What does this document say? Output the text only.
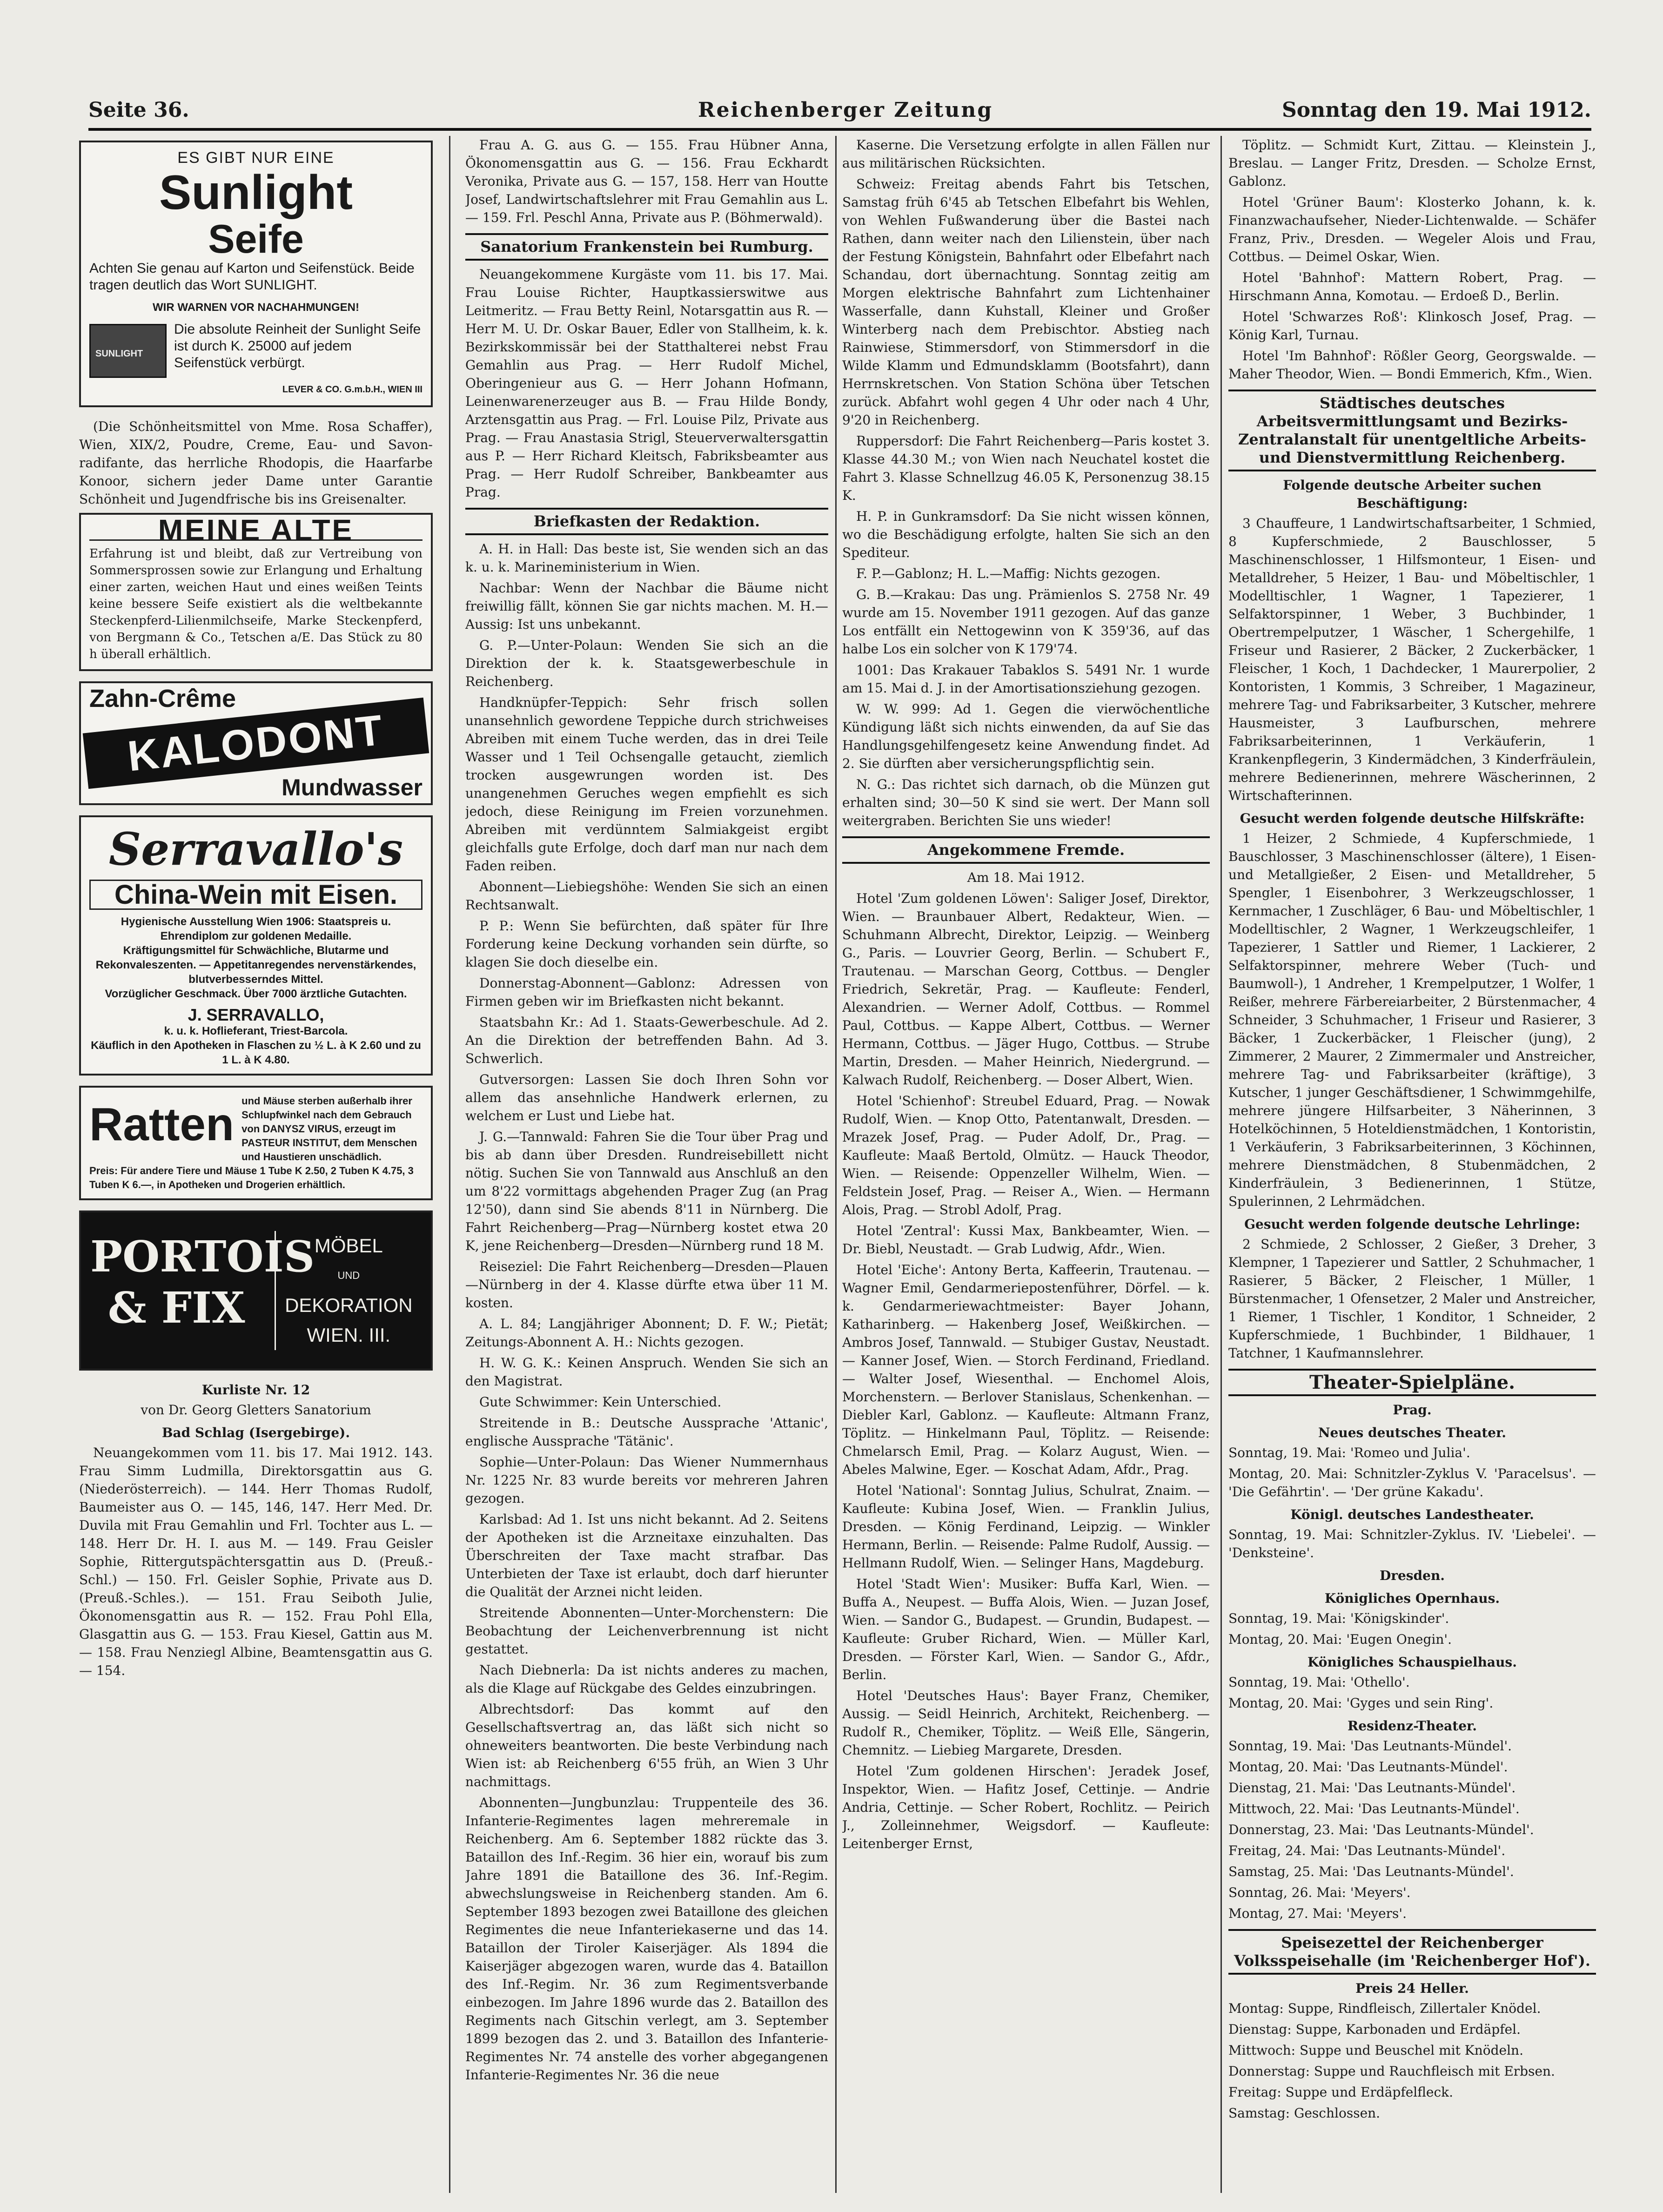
Seite 36.	Reichenberger Zeitung	Sonntag den 19. Mai 1912.
ES GIBT NUR EINE
Sunlight
Seife
Achten Sie genau auf Karton und Seifenstück. Beide tragen deutlich das Wort SUNLIGHT.
WIR WARNEN VOR NACHAHMUNGEN!
SUNLIGHT
Die absolute Reinheit der Sunlight Seife ist durch K. 25000 auf jedem Seifenstück verbürgt.
LEVER & CO. G.m.b.H., WIEN III

(Die Schönheitsmittel von Mme. Rosa Schaffer), Wien, XIX/2, Poudre, Creme, Eau- und Savon-radifante, das herrliche Rhodopis, die Haarfarbe Konoor, sichern jeder Dame unter Garantie Schönheit und Jugendfrische bis ins Greisenalter.

MEINE ALTE
Erfahrung ist und bleibt, daß zur Vertreibung von Sommersprossen sowie zur Erlangung und Erhaltung einer zarten, weichen Haut und eines weißen Teints keine bessere Seife existiert als die weltbekannte Steckenpferd-Lilienmilchseife, Marke Steckenpferd, von Bergmann & Co., Tetschen a/E. Das Stück zu 80 h überall erhältlich.
Zahn-Crême
KALODONT
Mundwasser
Serravallo's
China-Wein mit Eisen.
Hygienische Ausstellung Wien 1906: Staatspreis u. Ehrendiplom zur goldenen Medaille.
Kräftigungsmittel für Schwächliche, Blutarme und Rekonvaleszenten. — Appetitanregendes nervenstärkendes, blutverbesserndes Mittel.
Vorzüglicher Geschmack. Über 7000 ärztliche Gutachten.
J. SERRAVALLO,
k. u. k. Hoflieferant, Triest-Barcola.
Käuflich in den Apotheken in Flaschen zu ½ L. à K 2.60 und zu 1 L. à K 4.80.
Ratten und Mäuse sterben außerhalb ihrer Schlupfwinkel nach dem Gebrauch von DANYSZ VIRUS, erzeugt im PASTEUR INSTITUT, dem Menschen und Haustieren unschädlich.
Preis: Für andere Tiere und Mäuse 1 Tube K 2.50, 2 Tuben K 4.75, 3 Tuben K 6.—, in Apotheken und Drogerien erhältlich.
PORTOIS & FIX
MÖBEL
UND
DEKORATION
WIEN. III.
Kurliste Nr. 12

von Dr. Georg Gletters Sanatorium

Bad Schlag (Isergebirge).

Neuangekommen vom 11. bis 17. Mai 1912. 143. Frau Simm Ludmilla, Direktorsgattin aus G. (Niederösterreich). — 144. Herr Thomas Rudolf, Baumeister aus O. — 145, 146, 147. Herr Med. Dr. Duvila mit Frau Gemahlin und Frl. Tochter aus L. — 148. Herr Dr. H. I. aus M. — 149. Frau Geisler Sophie, Rittergutspächtersgattin aus D. (Preuß.-Schl.) — 150. Frl. Geisler Sophie, Private aus D. (Preuß.-Schles.). — 151. Frau Seiboth Julie, Ökonomensgattin aus R. — 152. Frau Pohl Ella, Glasgattin aus G. — 153. Frau Kiesel, Gattin aus M. — 158. Frau Nenziegl Albine, Beamtensgattin aus G. — 154.

Frau A. G. aus G. — 155. Frau Hübner Anna, Ökonomensgattin aus G. — 156. Frau Eckhardt Veronika, Private aus G. — 157, 158. Herr van Houtte Josef, Landwirtschaftslehrer mit Frau Gemahlin aus L. — 159. Frl. Peschl Anna, Private aus P. (Böhmerwald).

Sanatorium Frankenstein bei Rumburg.

Neuangekommene Kurgäste vom 11. bis 17. Mai. Frau Louise Richter, Hauptkassierswitwe aus Leitmeritz. — Frau Betty Reinl, Notarsgattin aus R. — Herr M. U. Dr. Oskar Bauer, Edler von Stallheim, k. k. Bezirkskommissär bei der Statthalterei nebst Frau Gemahlin aus Prag. — Herr Rudolf Michel, Oberingenieur aus G. — Herr Johann Hofmann, Leinenwarenerzeuger aus B. — Frau Hilde Bondy, Arztensgattin aus Prag. — Frl. Louise Pilz, Private aus Prag. — Frau Anastasia Strigl, Steuerverwaltersgattin aus P. — Herr Richard Kleitsch, Fabriksbeamter aus Prag. — Herr Rudolf Schreiber, Bankbeamter aus Prag.

Briefkasten der Redaktion.

A. H. in Hall: Das beste ist, Sie wenden sich an das k. u. k. Marineministerium in Wien.

Nachbar: Wenn der Nachbar die Bäume nicht freiwillig fällt, können Sie gar nichts machen. M. H.—Aussig: Ist uns unbekannt.

G. P.—Unter-Polaun: Wenden Sie sich an die Direktion der k. k. Staatsgewerbeschule in Reichenberg.

Handknüpfer-Teppich: Sehr frisch sollen unansehnlich gewordene Teppiche durch strichweises Abreiben mit einem Tuche werden, das in drei Teile Wasser und 1 Teil Ochsengalle getaucht, ziemlich trocken ausgewrungen worden ist. Des unangenehmen Geruches wegen empfiehlt es sich jedoch, diese Reinigung im Freien vorzunehmen. Abreiben mit verdünntem Salmiakgeist ergibt gleichfalls gute Erfolge, doch darf man nur nach dem Faden reiben.

Abonnent—Liebiegshöhe: Wenden Sie sich an einen Rechtsanwalt.

P. P.: Wenn Sie befürchten, daß später für Ihre Forderung keine Deckung vorhanden sein dürfte, so klagen Sie doch dieselbe ein.

Donnerstag-Abonnent—Gablonz: Adressen von Firmen geben wir im Briefkasten nicht bekannt.

Staatsbahn Kr.: Ad 1. Staats-Gewerbeschule. Ad 2. An die Direktion der betreffenden Bahn. Ad 3. Schwerlich.

Gutversorgen: Lassen Sie doch Ihren Sohn vor allem das ansehnliche Handwerk erlernen, zu welchem er Lust und Liebe hat.

J. G.—Tannwald: Fahren Sie die Tour über Prag und bis ab dann über Dresden. Rundreisebillett nicht nötig. Suchen Sie von Tannwald aus Anschluß an den um 8'22 vormittags abgehenden Prager Zug (an Prag 12'50), dann sind Sie abends 8'11 in Nürnberg. Die Fahrt Reichenberg—Prag—Nürnberg kostet etwa 20 K, jene Reichenberg—Dresden—Nürnberg rund 18 M.

Reiseziel: Die Fahrt Reichenberg—Dresden—Plauen—Nürnberg in der 4. Klasse dürfte etwa über 11 M. kosten.

A. L. 84; Langjähriger Abonnent; D. F. W.; Pietät; Zeitungs-Abonnent A. H.: Nichts gezogen.

H. W. G. K.: Keinen Anspruch. Wenden Sie sich an den Magistrat.

Gute Schwimmer: Kein Unterschied.

Streitende in B.: Deutsche Aussprache 'Attanic', englische Aussprache 'Tätänic'.

Sophie—Unter-Polaun: Das Wiener Nummernhaus Nr. 1225 Nr. 83 wurde bereits vor mehreren Jahren gezogen.

Karlsbad: Ad 1. Ist uns nicht bekannt. Ad 2. Seitens der Apotheken ist die Arzneitaxe einzuhalten. Das Überschreiten der Taxe macht strafbar. Das Unterbieten der Taxe ist erlaubt, doch darf hierunter die Qualität der Arznei nicht leiden.

Streitende Abonnenten—Unter-Morchenstern: Die Beobachtung der Leichenverbrennung ist nicht gestattet.

Nach Diebnerla: Da ist nichts anderes zu machen, als die Klage auf Rückgabe des Geldes einzubringen.

Albrechtsdorf: Das kommt auf den Gesellschaftsvertrag an, das läßt sich nicht so ohneweiters beantworten. Die beste Verbindung nach Wien ist: ab Reichenberg 6'55 früh, an Wien 3 Uhr nachmittags.

Abonnenten—Jungbunzlau: Truppenteile des 36. Infanterie-Regimentes lagen mehreremale in Reichenberg. Am 6. September 1882 rückte das 3. Bataillon des Inf.-Regim. 36 hier ein, worauf bis zum Jahre 1891 die Bataillone des 36. Inf.-Regim. abwechslungsweise in Reichenberg standen. Am 6. September 1893 bezogen zwei Bataillone des gleichen Regimentes die neue Infanteriekaserne und das 14. Bataillon der Tiroler Kaiserjäger. Als 1894 die Kaiserjäger abgezogen waren, wurde das 4. Bataillon des Inf.-Regim. Nr. 36 zum Regimentsverbande einbezogen. Im Jahre 1896 wurde das 2. Bataillon des Regiments nach Gitschin verlegt, am 3. September 1899 bezogen das 2. und 3. Bataillon des Infanterie-Regimentes Nr. 74 anstelle des vorher abgegangenen Infanterie-Regimentes Nr. 36 die neue

Kaserne. Die Versetzung erfolgte in allen Fällen nur aus militärischen Rücksichten.

Schweiz: Freitag abends Fahrt bis Tetschen, Samstag früh 6'45 ab Tetschen Elbefahrt bis Wehlen, von Wehlen Fußwanderung über die Bastei nach Rathen, dann weiter nach den Lilienstein, über nach der Festung Königstein, Bahnfahrt oder Elbefahrt nach Schandau, dort übernachtung. Sonntag zeitig am Morgen elektrische Bahnfahrt zum Lichtenhainer Wasserfalle, dann Kuhstall, Kleiner und Großer Winterberg nach dem Prebischtor. Abstieg nach Rainwiese, Stimmersdorf, von Stimmersdorf in die Wilde Klamm und Edmundsklamm (Bootsfahrt), dann Herrnskretschen. Von Station Schöna über Tetschen zurück. Abfahrt wohl gegen 4 Uhr oder nach 4 Uhr, 9'20 in Reichenberg.

Ruppersdorf: Die Fahrt Reichenberg—Paris kostet 3. Klasse 44.30 M.; von Wien nach Neuchatel kostet die Fahrt 3. Klasse Schnellzug 46.05 K, Personenzug 38.15 K.

H. P. in Gunkramsdorf: Da Sie nicht wissen können, wo die Beschädigung erfolgte, halten Sie sich an den Spediteur.

F. P.—Gablonz; H. L.—Maffig: Nichts gezogen.

G. B.—Krakau: Das ung. Prämienlos S. 2758 Nr. 49 wurde am 15. November 1911 gezogen. Auf das ganze Los entfällt ein Nettogewinn von K 359'36, auf das halbe Los ein solcher von K 179'74.

1001: Das Krakauer Tabaklos S. 5491 Nr. 1 wurde am 15. Mai d. J. in der Amortisationsziehung gezogen.

W. W. 999: Ad 1. Gegen die vierwöchentliche Kündigung läßt sich nichts einwenden, da auf Sie das Handlungsgehilfengesetz keine Anwendung findet. Ad 2. Sie dürften aber versicherungspflichtig sein.

N. G.: Das richtet sich darnach, ob die Münzen gut erhalten sind; 30—50 K sind sie wert. Der Mann soll weitergraben. Berichten Sie uns wieder!

Angekommene Fremde.

Am 18. Mai 1912.

Hotel 'Zum goldenen Löwen': Saliger Josef, Direktor, Wien. — Braunbauer Albert, Redakteur, Wien. — Schuhmann Albrecht, Direktor, Leipzig. — Weinberg G., Paris. — Louvrier Georg, Berlin. — Schubert F., Trautenau. — Marschan Georg, Cottbus. — Dengler Friedrich, Sekretär, Prag. — Kaufleute: Fenderl, Alexandrien. — Werner Adolf, Cottbus. — Rommel Paul, Cottbus. — Kappe Albert, Cottbus. — Werner Hermann, Cottbus. — Jäger Hugo, Cottbus. — Strube Martin, Dresden. — Maher Heinrich, Niedergrund. — Kalwach Rudolf, Reichenberg. — Doser Albert, Wien.

Hotel 'Schienhof': Streubel Eduard, Prag. — Nowak Rudolf, Wien. — Knop Otto, Patentanwalt, Dresden. — Mrazek Josef, Prag. — Puder Adolf, Dr., Prag. — Kaufleute: Maaß Bertold, Olmütz. — Hauck Theodor, Wien. — Reisende: Oppenzeller Wilhelm, Wien. — Feldstein Josef, Prag. — Reiser A., Wien. — Hermann Alois, Prag. — Strobl Adolf, Prag.

Hotel 'Zentral': Kussi Max, Bankbeamter, Wien. — Dr. Biebl, Neustadt. — Grab Ludwig, Afdr., Wien.

Hotel 'Eiche': Antony Berta, Kaffeerin, Trautenau. — Wagner Emil, Gendarmeriepostenführer, Dörfel. — k. k. Gendarmeriewachtmeister: Bayer Johann, Katharinberg. — Hakenberg Josef, Weißkirchen. — Ambros Josef, Tannwald. — Stubiger Gustav, Neustadt. — Kanner Josef, Wien. — Storch Ferdinand, Friedland. — Walter Josef, Wiesenthal. — Enchomel Alois, Morchenstern. — Berlover Stanislaus, Schenkenhan. — Diebler Karl, Gablonz. — Kaufleute: Altmann Franz, Töplitz. — Hinkelmann Paul, Töplitz. — Reisende: Chmelarsch Emil, Prag. — Kolarz August, Wien. — Abeles Malwine, Eger. — Koschat Adam, Afdr., Prag.

Hotel 'National': Sonntag Julius, Schulrat, Znaim. — Kaufleute: Kubina Josef, Wien. — Franklin Julius, Dresden. — König Ferdinand, Leipzig. — Winkler Hermann, Berlin. — Reisende: Palme Rudolf, Aussig. — Hellmann Rudolf, Wien. — Selinger Hans, Magdeburg.

Hotel 'Stadt Wien': Musiker: Buffa Karl, Wien. — Buffa A., Neupest. — Buffa Alois, Wien. — Juzan Josef, Wien. — Sandor G., Budapest. — Grundin, Budapest. — Kaufleute: Gruber Richard, Wien. — Müller Karl, Dresden. — Förster Karl, Wien. — Sandor G., Afdr., Berlin.

Hotel 'Deutsches Haus': Bayer Franz, Chemiker, Aussig. — Seidl Heinrich, Architekt, Reichenberg. — Rudolf R., Chemiker, Töplitz. — Weiß Elle, Sängerin, Chemnitz. — Liebieg Margarete, Dresden.

Hotel 'Zum goldenen Hirschen': Jeradek Josef, Inspektor, Wien. — Hafitz Josef, Cettinje. — Andrie Andria, Cettinje. — Scher Robert, Rochlitz. — Peirich J., Zolleinnehmer, Weigsdorf. — Kaufleute: Leitenberger Ernst,

Töplitz. — Schmidt Kurt, Zittau. — Kleinstein J., Breslau. — Langer Fritz, Dresden. — Scholze Ernst, Gablonz.

Hotel 'Grüner Baum': Klosterko Johann, k. k. Finanzwachaufseher, Nieder-Lichtenwalde. — Schäfer Franz, Priv., Dresden. — Wegeler Alois und Frau, Cottbus. — Deimel Oskar, Wien.

Hotel 'Bahnhof': Mattern Robert, Prag. — Hirschmann Anna, Komotau. — Erdoeß D., Berlin.

Hotel 'Schwarzes Roß': Klinkosch Josef, Prag. — König Karl, Turnau.

Hotel 'Im Bahnhof': Rößler Georg, Georgswalde. — Maher Theodor, Wien. — Bondi Emmerich, Kfm., Wien.

Städtisches deutsches Arbeitsvermittlungsamt und Bezirks-Zentralanstalt für unentgeltliche Arbeits- und Dienstvermittlung Reichenberg.
Folgende deutsche Arbeiter suchen Beschäftigung:

3 Chauffeure, 1 Landwirtschaftsarbeiter, 1 Schmied, 8 Kupferschmiede, 2 Bauschlosser, 5 Maschinenschlosser, 1 Hilfsmonteur, 1 Eisen- und Metalldreher, 5 Heizer, 1 Bau- und Möbeltischler, 1 Modelltischler, 1 Wagner, 1 Tapezierer, 1 Selfaktorspinner, 1 Weber, 3 Buchbinder, 1 Obertrempelputzer, 1 Wäscher, 1 Schergehilfe, 1 Friseur und Rasierer, 2 Bäcker, 2 Zuckerbäcker, 1 Fleischer, 1 Koch, 1 Dachdecker, 1 Maurerpolier, 2 Kontoristen, 1 Kommis, 3 Schreiber, 1 Magazineur, mehrere Tag- und Fabriksarbeiter, 3 Kutscher, mehrere Hausmeister, 3 Laufburschen, mehrere Fabriksarbeiterinnen, 1 Verkäuferin, 1 Krankenpflegerin, 3 Kindermädchen, 3 Kinderfräulein, mehrere Bedienerinnen, mehrere Wäscherinnen, 2 Wirtschafterinnen.

Gesucht werden folgende deutsche Hilfskräfte:

1 Heizer, 2 Schmiede, 4 Kupferschmiede, 1 Bauschlosser, 3 Maschinenschlosser (ältere), 1 Eisen- und Metallgießer, 2 Eisen- und Metalldreher, 5 Spengler, 1 Eisenbohrer, 3 Werkzeugschlosser, 1 Kernmacher, 1 Zuschläger, 6 Bau- und Möbeltischler, 1 Modelltischler, 2 Wagner, 1 Werkzeugschleifer, 1 Tapezierer, 1 Sattler und Riemer, 1 Lackierer, 2 Selfaktorspinner, mehrere Weber (Tuch- und Baumwoll-), 1 Andreher, 1 Krempelputzer, 1 Wolfer, 1 Reißer, mehrere Färbereiarbeiter, 2 Bürstenmacher, 4 Schneider, 3 Schuhmacher, 1 Friseur und Rasierer, 3 Bäcker, 1 Zuckerbäcker, 1 Fleischer (jung), 2 Zimmerer, 2 Maurer, 2 Zimmermaler und Anstreicher, mehrere Tag- und Fabriksarbeiter (kräftige), 3 Kutscher, 1 junger Geschäftsdiener, 1 Schwimmgehilfe, mehrere jüngere Hilfsarbeiter, 3 Näherinnen, 3 Hotelköchinnen, 5 Hoteldienstmädchen, 1 Kontoristin, 1 Verkäuferin, 3 Fabriksarbeiterinnen, 3 Köchinnen, mehrere Dienstmädchen, 8 Stubenmädchen, 2 Kinderfräulein, 3 Bedienerinnen, 1 Stütze, Spulerinnen, 2 Lehrmädchen.

Gesucht werden folgende deutsche Lehrlinge:

2 Schmiede, 2 Schlosser, 2 Gießer, 3 Dreher, 3 Klempner, 1 Tapezierer und Sattler, 2 Schuhmacher, 1 Rasierer, 5 Bäcker, 2 Fleischer, 1 Müller, 1 Bürstenmacher, 1 Ofensetzer, 2 Maler und Anstreicher, 1 Riemer, 1 Tischler, 1 Konditor, 1 Schneider, 2 Kupferschmiede, 1 Buchbinder, 1 Bildhauer, 1 Tatchner, 1 Kaufmannslehrer.

Theater-Spielpläne.
Prag.
Neues deutsches Theater.

Sonntag, 19. Mai: 'Romeo und Julia'.

Montag, 20. Mai: Schnitzler-Zyklus V. 'Paracelsus'. — 'Die Gefährtin'. — 'Der grüne Kakadu'.

Königl. deutsches Landestheater.

Sonntag, 19. Mai: Schnitzler-Zyklus. IV. 'Liebelei'. — 'Denksteine'.

Dresden.
Königliches Opernhaus.

Sonntag, 19. Mai: 'Königskinder'.

Montag, 20. Mai: 'Eugen Onegin'.

Königliches Schauspielhaus.

Sonntag, 19. Mai: 'Othello'.

Montag, 20. Mai: 'Gyges und sein Ring'.

Residenz-Theater.

Sonntag, 19. Mai: 'Das Leutnants-Mündel'.

Montag, 20. Mai: 'Das Leutnants-Mündel'.

Dienstag, 21. Mai: 'Das Leutnants-Mündel'.

Mittwoch, 22. Mai: 'Das Leutnants-Mündel'.

Donnerstag, 23. Mai: 'Das Leutnants-Mündel'.

Freitag, 24. Mai: 'Das Leutnants-Mündel'.

Samstag, 25. Mai: 'Das Leutnants-Mündel'.

Sonntag, 26. Mai: 'Meyers'.

Montag, 27. Mai: 'Meyers'.

Speisezettel der Reichenberger Volksspeisehalle (im 'Reichenberger Hof').
Preis 24 Heller.

Montag: Suppe, Rindfleisch, Zillertaler Knödel.

Dienstag: Suppe, Karbonaden und Erdäpfel.

Mittwoch: Suppe und Beuschel mit Knödeln.

Donnerstag: Suppe und Rauchfleisch mit Erbsen.

Freitag: Suppe und Erdäpfelfleck.

Samstag: Geschlossen.
